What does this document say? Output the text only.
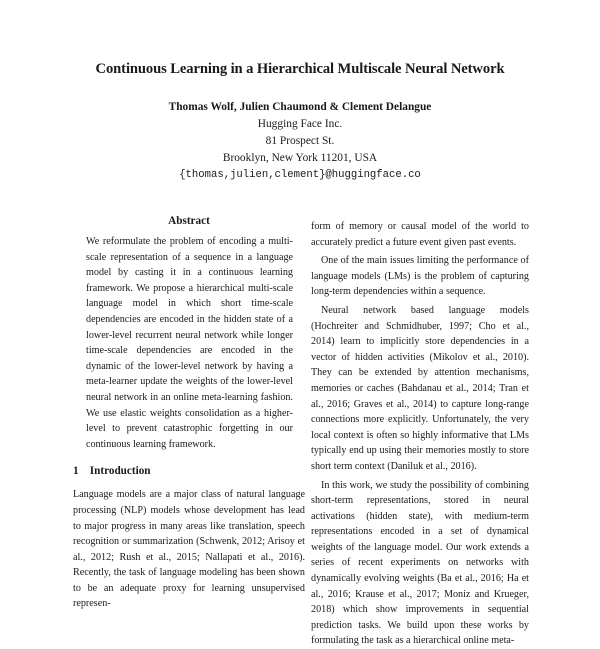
Continuous Learning in a Hierarchical Multiscale Neural Network
Thomas Wolf, Julien Chaumond & Clement Delangue
Hugging Face Inc.
81 Prospect St.
Brooklyn, New York 11201, USA
{thomas,julien,clement}@huggingface.co
Abstract

We reformulate the problem of encoding a multi-scale representation of a sequence in a language model by casting it in a continuous learning framework. We propose a hierarchical multi-scale language model in which short time-scale dependencies are encoded in the hidden state of a lower-level recurrent neural network while longer time-scale dependencies are encoded in the dynamic of the lower-level network by having a meta-learner update the weights of the lower-level neural network in an online meta-learning fashion. We use elastic weights consolidation as a higher-level to prevent catastrophic forgetting in our continuous learning framework.

1 Introduction

Language models are a major class of natural language processing (NLP) models whose development has lead to major progress in many areas like translation, speech recognition or summarization (Schwenk, 2012; Arisoy et al., 2012; Rush et al., 2015; Nallapati et al., 2016). Recently, the task of language modeling has been shown to be an adequate proxy for learning unsupervised represen-

form of memory or causal model of the world to accurately predict a future event given past events.

One of the main issues limiting the performance of language models (LMs) is the problem of capturing long-term dependencies within a sequence.

Neural network based language models (Hochreiter and Schmidhuber, 1997; Cho et al., 2014) learn to implicitly store dependencies in a vector of hidden activities (Mikolov et al., 2010). They can be extended by attention mechanisms, memories or caches (Bahdanau et al., 2014; Tran et al., 2016; Graves et al., 2014) to capture long-range connections more explicitly. Unfortunately, the very local context is often so highly informative that LMs typically end up using their memories mostly to store short term context (Daniluk et al., 2016).

In this work, we study the possibility of combining short-term representations, stored in neural activations (hidden state), with medium-term representations encoded in a set of dynamical weights of the language model. Our work extends a series of recent experiments on networks with dynamically evolving weights (Ba et al., 2016; Ha et al., 2016; Krause et al., 2017; Moniz and Krueger, 2018) which show improvements in sequential prediction tasks. We build upon these works by formulating the task as a hierarchical online meta-
